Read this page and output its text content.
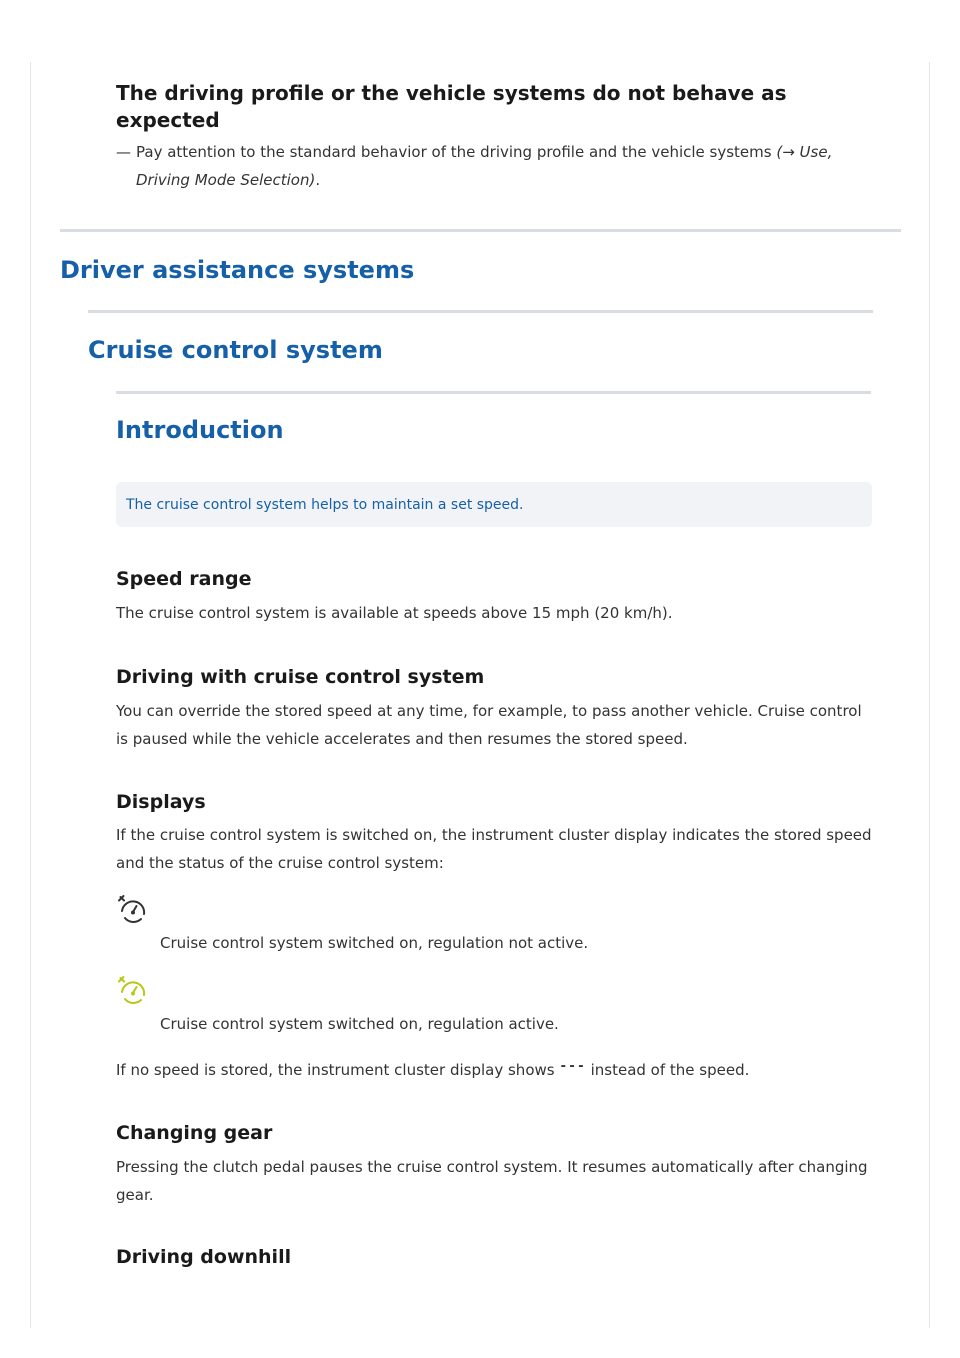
The driving profile or the vehicle systems do not behave as expected

— Pay attention to the standard behavior of the driving profile and the vehicle systems (→ Use, Driving Mode Selection).

Driver assistance systems
Cruise control system
Introduction
The cruise control system helps to maintain a set speed.
Speed range

The cruise control system is available at speeds above 15 mph (20 km/h).

Driving with cruise control system

You can override the stored speed at any time, for example, to pass another vehicle. Cruise control is paused while the vehicle accelerates and then resumes the stored speed.

Displays

If the cruise control system is switched on, the instrument cluster display indicates the stored speed and the status of the cruise control system:

Cruise control system switched on, regulation not active.

Cruise control system switched on, regulation active.

If no speed is stored, the instrument cluster display shows --- instead of the speed.

Changing gear

Pressing the clutch pedal pauses the cruise control system. It resumes automatically after changing gear.

Driving downhill
